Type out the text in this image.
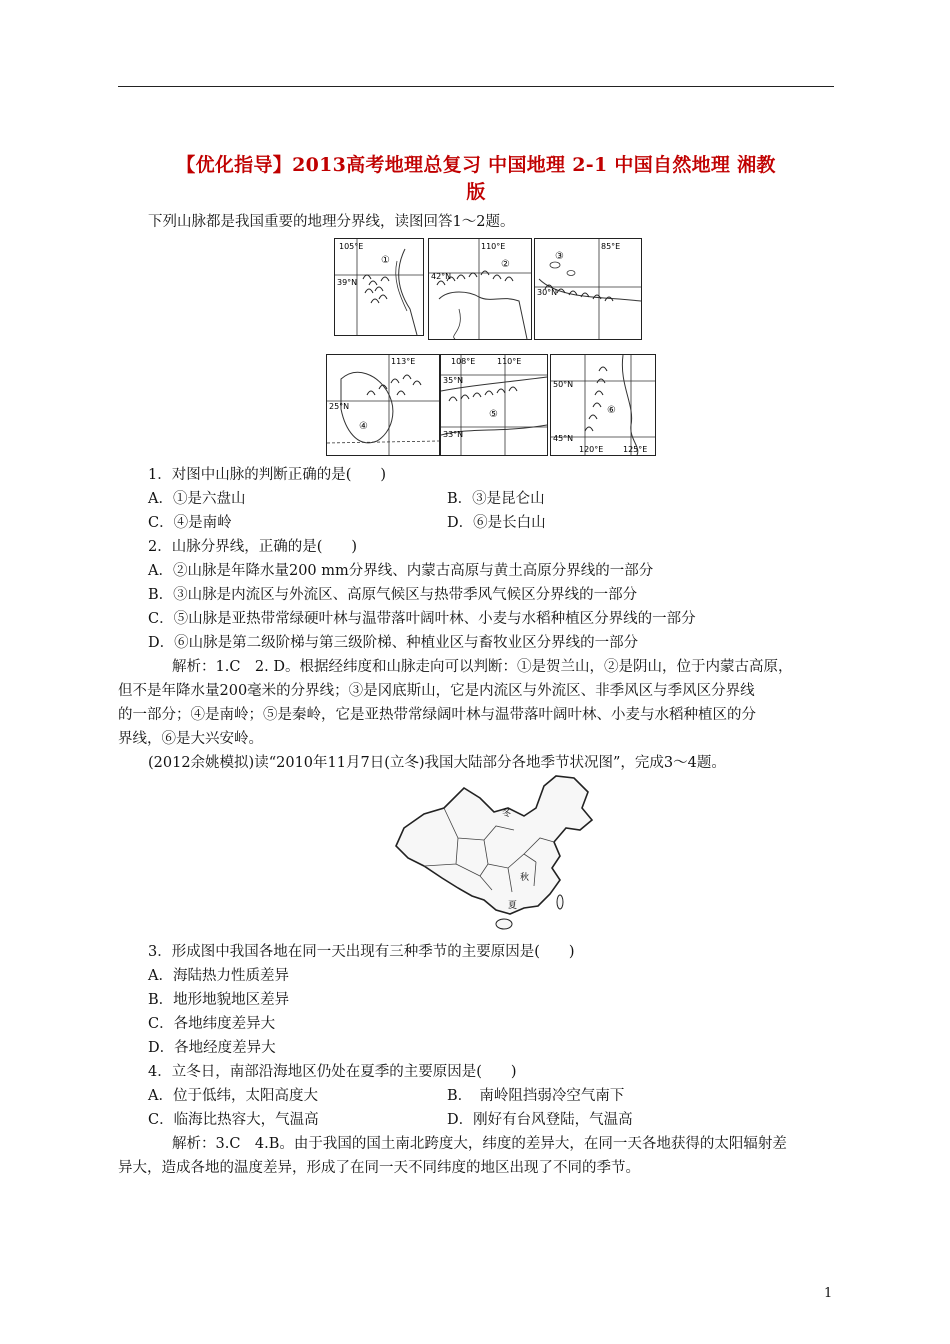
【优化指导】2013高考地理总复习 中国地理 2-1 中国自然地理 湘教
版
下列山脉都是我国重要的地理分界线，读图回答1～2题。
105°E
39°N
①
110°E
42°N
②
85°E
30°N
③
113°E
25°N
④
108°E	110°E
35°N
33°N
⑤
50°N
45°N
120°E 125°E
⑥
1．对图中山脉的判断正确的是(　　)
A．①是六盘山	B．③是昆仑山
C．④是南岭	D．⑥是长白山
2．山脉分界线，正确的是(　　)
A．②山脉是年降水量200 mm分界线、内蒙古高原与黄土高原分界线的一部分
B．③山脉是内流区与外流区、高原气候区与热带季风气候区分界线的一部分
C．⑤山脉是亚热带常绿硬叶林与温带落叶阔叶林、小麦与水稻种植区分界线的一部分
D．⑥山脉是第二级阶梯与第三级阶梯、种植业区与畜牧业区分界线的一部分
解析：1.C　2. D。根据经纬度和山脉走向可以判断：①是贺兰山，②是阴山，位于内蒙古高原，
但不是年降水量200毫米的分界线；③是冈底斯山，它是内流区与外流区、非季风区与季风区分界线
的一部分；④是南岭；⑤是秦岭，它是亚热带常绿阔叶林与温带落叶阔叶林、小麦与水稻种植区的分
界线，⑥是大兴安岭。
(2012余姚模拟)读“2010年11月7日(立冬)我国大陆部分各地季节状况图”，完成3～4题。
冬
秋
夏
3．形成图中我国各地在同一天出现有三种季节的主要原因是(　　)
A．海陆热力性质差异
B．地形地貌地区差异
C．各地纬度差异大
D．各地经度差异大
4．立冬日，南部沿海地区仍处在夏季的主要原因是(　　)
A．位于低纬，太阳高度大	B．　南岭阻挡弱冷空气南下
C．临海比热容大，气温高	D．刚好有台风登陆，气温高
解析：3.C　4.B。由于我国的国土南北跨度大，纬度的差异大，在同一天各地获得的太阳辐射差
异大，造成各地的温度差异，形成了在同一天不同纬度的地区出现了不同的季节。
1
